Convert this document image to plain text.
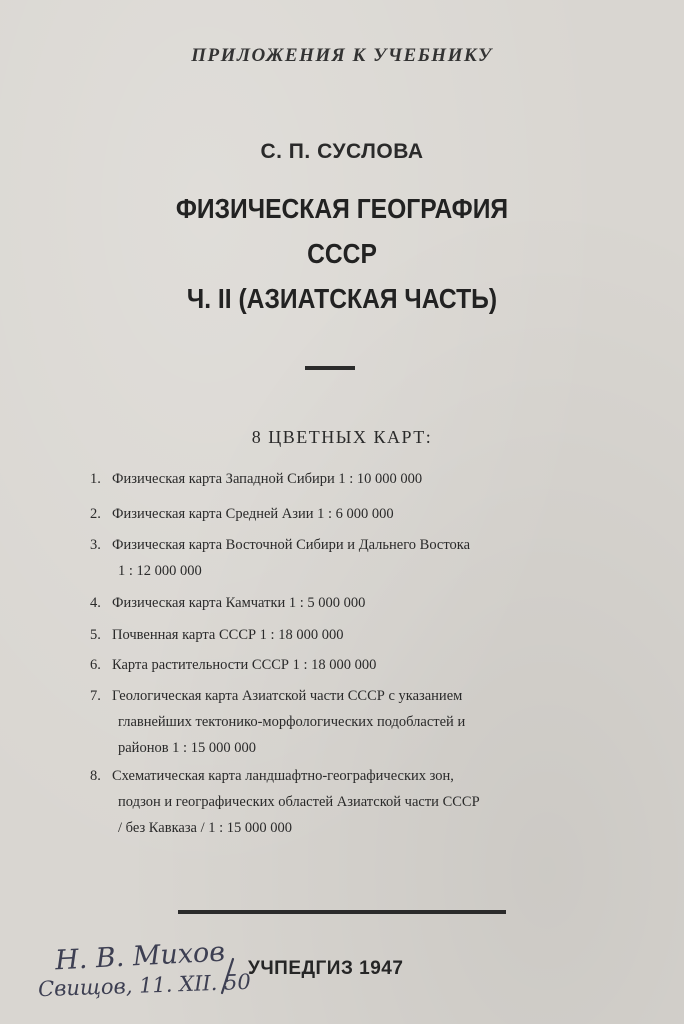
ПРИЛОЖЕНИЯ К УЧЕБНИКУ
С. П. СУСЛОВА
ФИЗИЧЕСКАЯ ГЕОГРАФИЯ
СССР
Ч. II (АЗИАТСКАЯ ЧАСТЬ)
8 ЦВЕТНЫХ КАРТ:
1. Физическая карта Западной Сибири 1 : 10 000 000
2. Физическая карта Средней Азии 1 : 6 000 000
3. Физическая карта Восточной Сибири и Дальнего Востока
1 : 12 000 000
4. Физическая карта Камчатки 1 : 5 000 000
5. Почвенная карта СССР 1 : 18 000 000
6. Карта растительности СССР 1 : 18 000 000
7. Геологическая карта Азиатской части СССР с указанием
главнейших тектонико-морфологических подобластей и
районов 1 : 15 000 000
8. Схематическая карта ландшафтно-географических зон,
подзон и географических областей Азиатской части СССР
/ без Кавказа / 1 : 15 000 000
УЧПЕДГИЗ 1947
Н. В. Михов
Свищов, 11. XII. 50
